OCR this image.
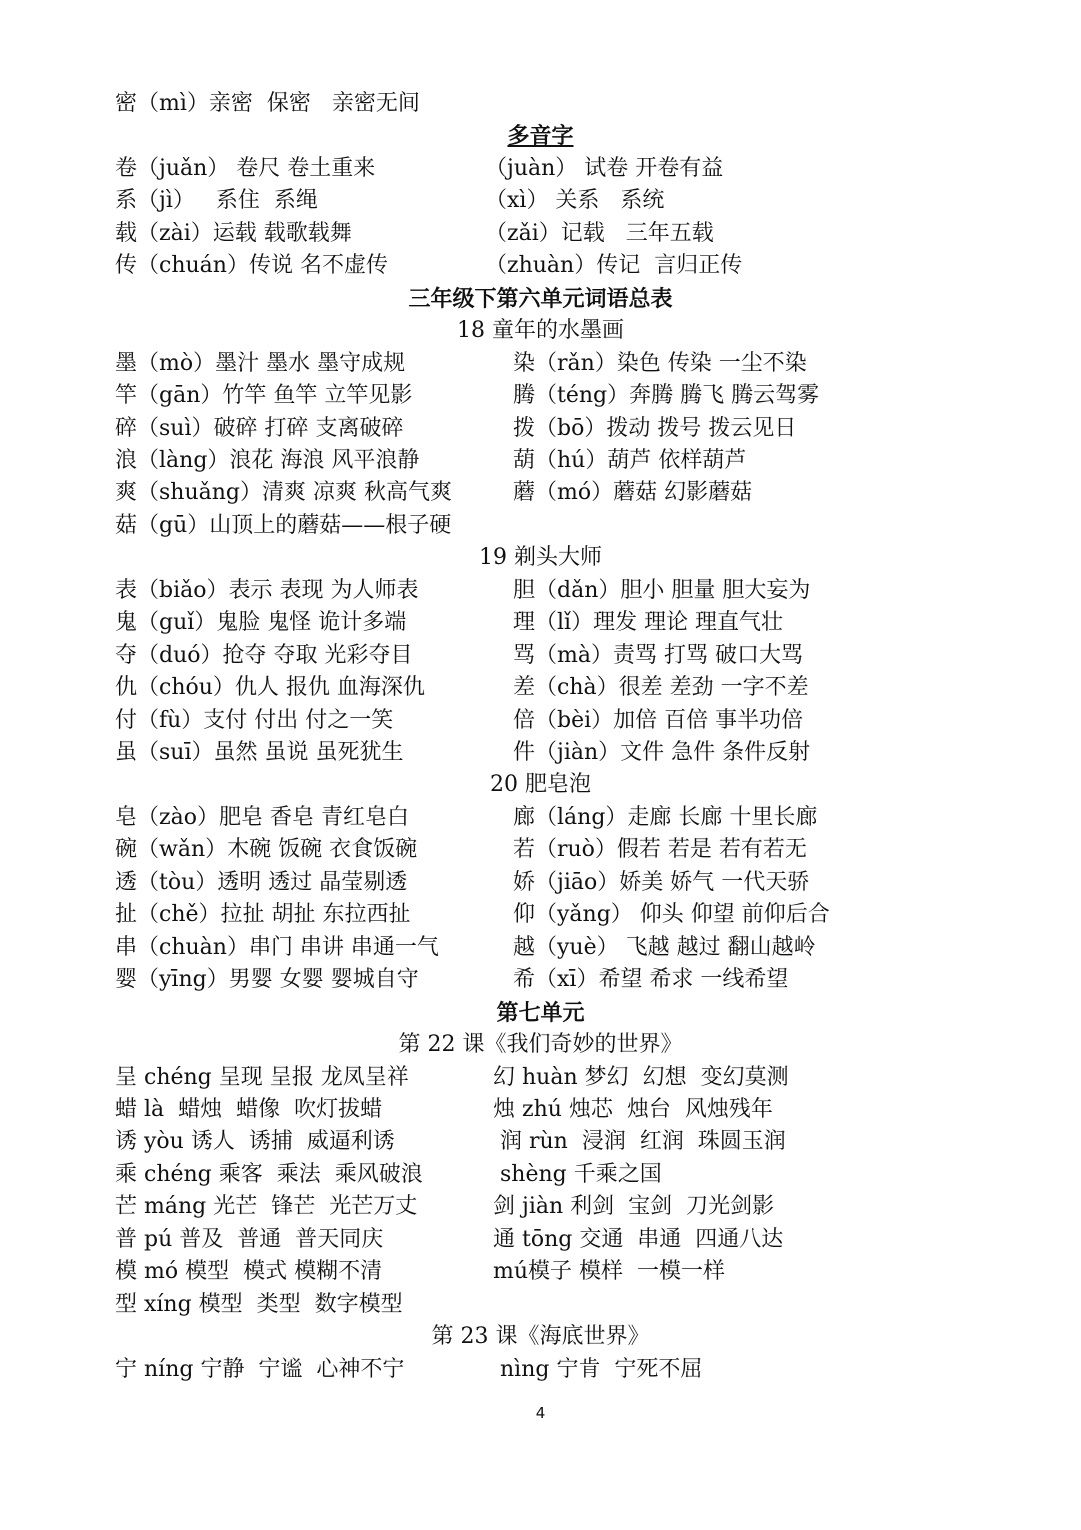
密（mì）亲密  保密   亲密无间
多音字
卷（juǎn） 卷尺 卷土重来	（juàn） 试卷 开卷有益
系（jì）   系住  系绳	（xì） 关系   系统
载（zài）运载 载歌载舞	（zǎi）记载   三年五载
传（chuán）传说 名不虚传	（zhuàn）传记  言归正传
三年级下第六单元词语总表
18 童年的水墨画
墨（mò）墨汁 墨水 墨守成规	染（rǎn）染色 传染 一尘不染
竿（gān）竹竿 鱼竿 立竿见影	腾（téng）奔腾 腾飞 腾云驾雾
碎（suì）破碎 打碎 支离破碎	拨（bō）拨动 拨号 拨云见日
浪（làng）浪花 海浪 风平浪静	葫（hú）葫芦 依样葫芦
爽（shuǎng）清爽 凉爽 秋高气爽	蘑（mó）蘑菇 幻影蘑菇
菇（gū）山顶上的蘑菇——根子硬
19 剃头大师
表（biǎo）表示 表现 为人师表	胆（dǎn）胆小 胆量 胆大妄为
鬼（guǐ）鬼脸 鬼怪 诡计多端	理（lǐ）理发 理论 理直气壮
夺（duó）抢夺 夺取 光彩夺目	骂（mà）责骂 打骂 破口大骂
仇（chóu）仇人 报仇 血海深仇	差（chà）很差 差劲 一字不差
付（fù）支付 付出 付之一笑	倍（bèi）加倍 百倍 事半功倍
虽（suī）虽然 虽说 虽死犹生	件（jiàn）文件 急件 条件反射
20 肥皂泡
皂（zào）肥皂 香皂 青红皂白	廊（láng）走廊 长廊 十里长廊
碗（wǎn）木碗 饭碗 衣食饭碗	若（ruò）假若 若是 若有若无
透（tòu）透明 透过 晶莹剔透	娇（jiāo）娇美 娇气 一代天骄
扯（chě）拉扯 胡扯 东拉西扯	仰（yǎng） 仰头 仰望 前仰后合
串（chuàn）串门 串讲 串通一气	越（yuè） 飞越 越过 翻山越岭
婴（yīng）男婴 女婴 婴城自守	希（xī）希望 希求 一线希望
第七单元
第 22 课《我们奇妙的世界》
呈 chéng 呈现 呈报 龙凤呈祥	幻 huàn 梦幻  幻想  变幻莫测
蜡 là  蜡烛  蜡像  吹灯拔蜡	烛 zhú 烛芯  烛台  风烛残年
诱 yòu 诱人  诱捕  威逼利诱	润 rùn  浸润  红润  珠圆玉润
乘 chéng 乘客  乘法  乘风破浪	shèng 千乘之国
芒 máng 光芒  锋芒  光芒万丈	剑 jiàn 利剑  宝剑  刀光剑影
普 pú 普及  普通  普天同庆	通 tōng 交通  串通  四通八达
模 mó 模型  模式 模糊不清	mú模子 模样  一模一样
型 xíng 模型  类型  数字模型
第 23 课《海底世界》
宁 níng 宁静  宁谧  心神不宁	nìng 宁肯  宁死不屈
4
